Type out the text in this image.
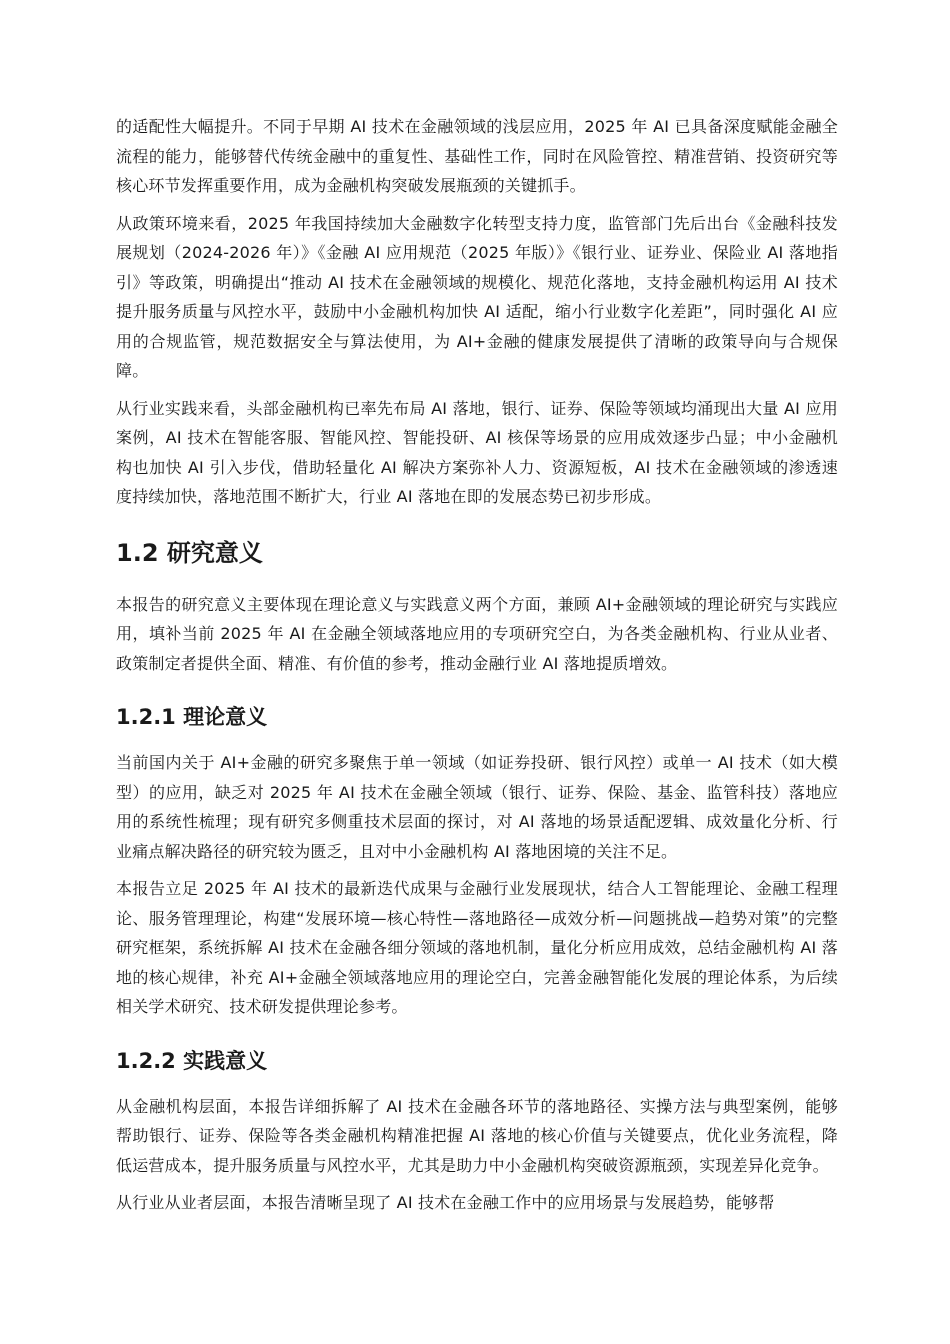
的适配性大幅提升。不同于早期 AI 技术在金融领域的浅层应用，2025 年 AI 已具备深度赋能金融全流程的能力，能够替代传统金融中的重复性、基础性工作，同时在风险管控、精准营销、投资研究等核心环节发挥重要作用，成为金融机构突破发展瓶颈的关键抓手。

从政策环境来看，2025 年我国持续加大金融数字化转型支持力度，监管部门先后出台《金融科技发展规划（2024-2026 年）》《金融 AI 应用规范（2025 年版）》《银行业、证券业、保险业 AI 落地指引》等政策，明确提出“推动 AI 技术在金融领域的规模化、规范化落地，支持金融机构运用 AI 技术提升服务质量与风控水平，鼓励中小金融机构加快 AI 适配，缩小行业数字化差距”，同时强化 AI 应用的合规监管，规范数据安全与算法使用，为 AI+金融的健康发展提供了清晰的政策导向与合规保障。

从行业实践来看，头部金融机构已率先布局 AI 落地，银行、证券、保险等领域均涌现出大量 AI 应用案例，AI 技术在智能客服、智能风控、智能投研、AI 核保等场景的应用成效逐步凸显；中小金融机构也加快 AI 引入步伐，借助轻量化 AI 解决方案弥补人力、资源短板，AI 技术在金融领域的渗透速度持续加快，落地范围不断扩大，行业 AI 落地在即的发展态势已初步形成。

1.2 研究意义

本报告的研究意义主要体现在理论意义与实践意义两个方面，兼顾 AI+金融领域的理论研究与实践应用，填补当前 2025 年 AI 在金融全领域落地应用的专项研究空白，为各类金融机构、行业从业者、政策制定者提供全面、精准、有价值的参考，推动金融行业 AI 落地提质增效。

1.2.1 理论意义

当前国内关于 AI+金融的研究多聚焦于单一领域（如证券投研、银行风控）或单一 AI 技术（如大模型）的应用，缺乏对 2025 年 AI 技术在金融全领域（银行、证券、保险、基金、监管科技）落地应用的系统性梳理；现有研究多侧重技术层面的探讨，对 AI 落地的场景适配逻辑、成效量化分析、行业痛点解决路径的研究较为匮乏，且对中小金融机构 AI 落地困境的关注不足。

本报告立足 2025 年 AI 技术的最新迭代成果与金融行业发展现状，结合人工智能理论、金融工程理论、服务管理理论，构建“发展环境—核心特性—落地路径—成效分析—问题挑战—趋势对策”的完整研究框架，系统拆解 AI 技术在金融各细分领域的落地机制，量化分析应用成效，总结金融机构 AI 落地的核心规律，补充 AI+金融全领域落地应用的理论空白，完善金融智能化发展的理论体系，为后续相关学术研究、技术研发提供理论参考。

1.2.2 实践意义

从金融机构层面，本报告详细拆解了 AI 技术在金融各环节的落地路径、实操方法与典型案例，能够帮助银行、证券、保险等各类金融机构精准把握 AI 落地的核心价值与关键要点，优化业务流程，降低运营成本，提升服务质量与风控水平，尤其是助力中小金融机构突破资源瓶颈，实现差异化竞争。

从行业从业者层面，本报告清晰呈现了 AI 技术在金融工作中的应用场景与发展趋势，能够帮
